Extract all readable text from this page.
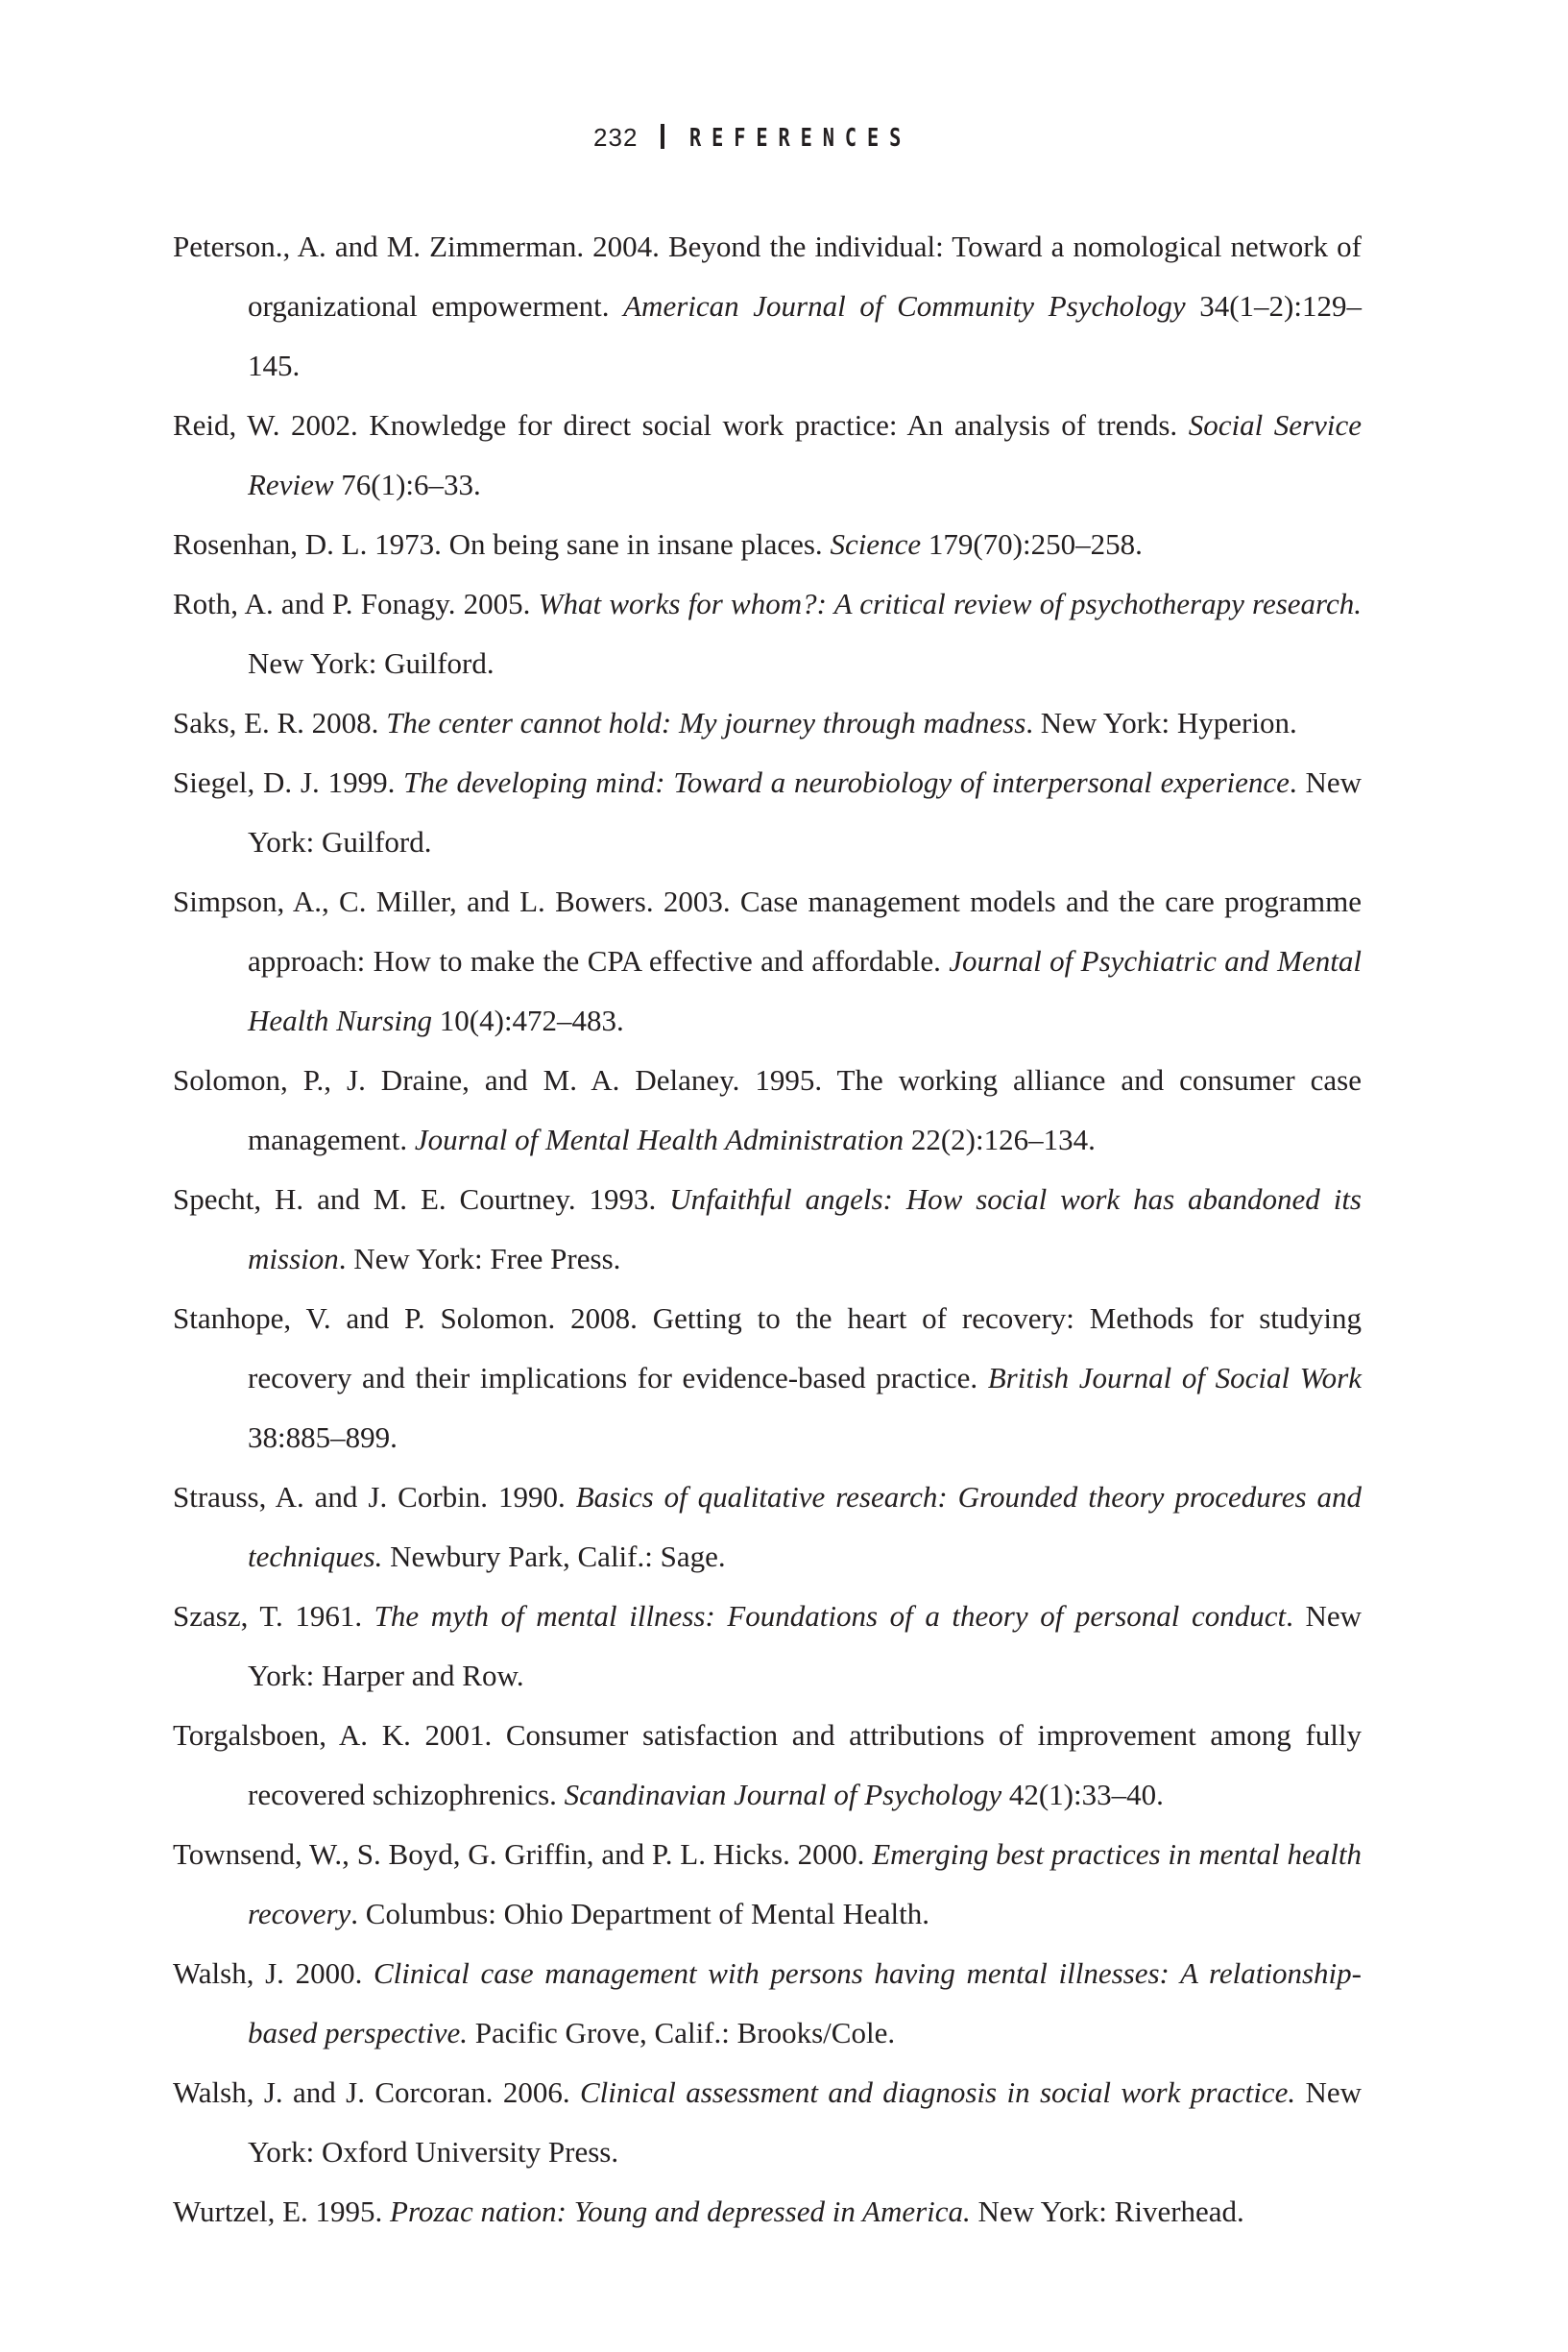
232 REFERENCES
Peterson., A. and M. Zimmerman. 2004. Beyond the individual: Toward a nomological network of organizational empowerment. American Journal of Community Psychology 34(1–2):129–145.
Reid, W. 2002. Knowledge for direct social work practice: An analysis of trends. Social Service Review 76(1):6–33.
Rosenhan, D. L. 1973. On being sane in insane places. Science 179(70):250–258.
Roth, A. and P. Fonagy. 2005. What works for whom?: A critical review of psychotherapy research. New York: Guilford.
Saks, E. R. 2008. The center cannot hold: My journey through madness. New York: Hyperion.
Siegel, D. J. 1999. The developing mind: Toward a neurobiology of interpersonal experience. New York: Guilford.
Simpson, A., C. Miller, and L. Bowers. 2003. Case management models and the care programme approach: How to make the CPA effective and affordable. Journal of Psychiatric and Mental Health Nursing 10(4):472–483.
Solomon, P., J. Draine, and M. A. Delaney. 1995. The working alliance and consumer case management. Journal of Mental Health Administration 22(2):126–134.
Specht, H. and M. E. Courtney. 1993. Unfaithful angels: How social work has abandoned its mission. New York: Free Press.
Stanhope, V. and P. Solomon. 2008. Getting to the heart of recovery: Methods for studying recovery and their implications for evidence-based practice. British Journal of Social Work 38:885–899.
Strauss, A. and J. Corbin. 1990. Basics of qualitative research: Grounded theory procedures and techniques. Newbury Park, Calif.: Sage.
Szasz, T. 1961. The myth of mental illness: Foundations of a theory of personal conduct. New York: Harper and Row.
Torgalsboen, A. K. 2001. Consumer satisfaction and attributions of improvement among fully recovered schizophrenics. Scandinavian Journal of Psychology 42(1):33–40.
Townsend, W., S. Boyd, G. Griffin, and P. L. Hicks. 2000. Emerging best practices in mental health recovery. Columbus: Ohio Department of Mental Health.
Walsh, J. 2000. Clinical case management with persons having mental illnesses: A relationship-based perspective. Pacific Grove, Calif.: Brooks/Cole.
Walsh, J. and J. Corcoran. 2006. Clinical assessment and diagnosis in social work practice. New York: Oxford University Press.
Wurtzel, E. 1995. Prozac nation: Young and depressed in America. New York: Riverhead.
